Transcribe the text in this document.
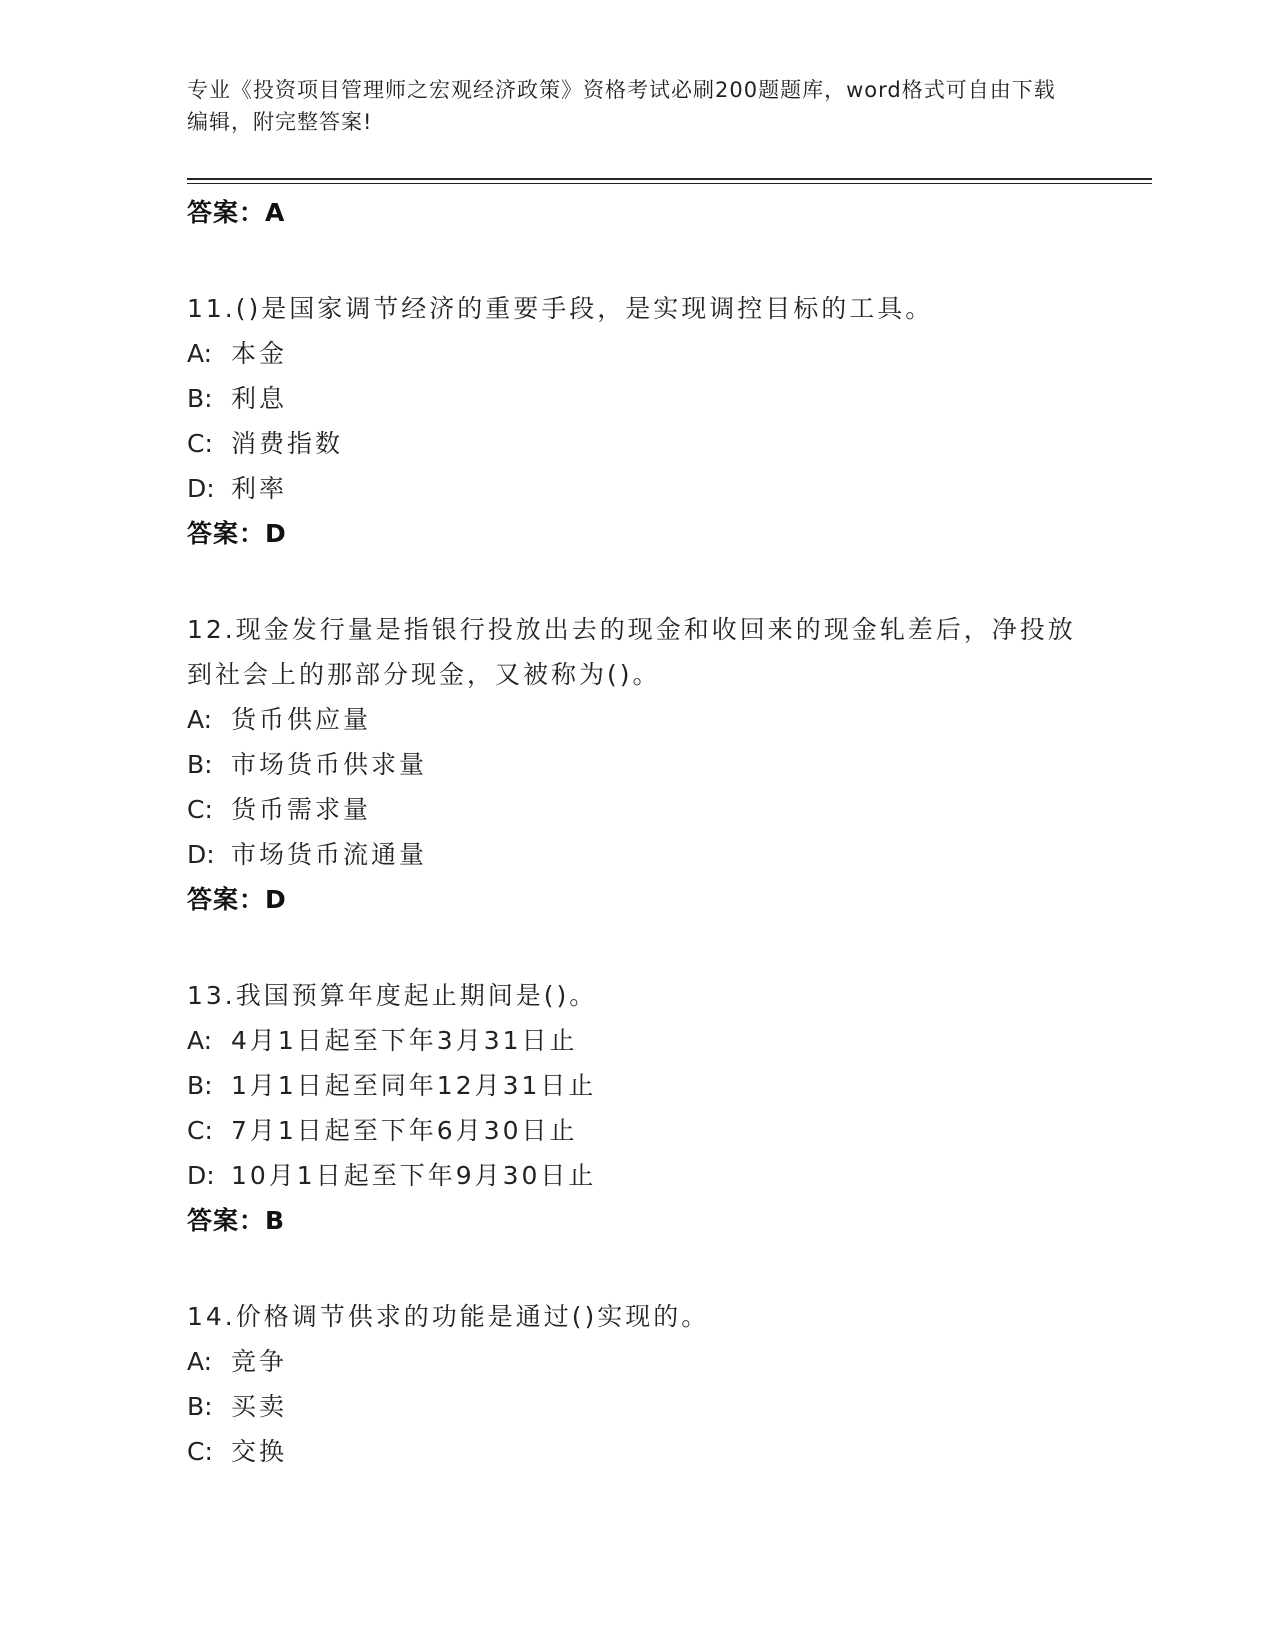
专业《投资项目管理师之宏观经济政策》资格考试必刷200题题库，word格式可自由下载编辑，附完整答案!
答案：A
11.()是国家调节经济的重要手段，是实现调控目标的工具。
A: 本金
B: 利息
C: 消费指数
D: 利率
答案：D
12.现金发行量是指银行投放出去的现金和收回来的现金轧差后，净投放到社会上的那部分现金，又被称为()。
A: 货币供应量
B: 市场货币供求量
C: 货币需求量
D: 市场货币流通量
答案：D
13.我国预算年度起止期间是()。
A: 4月1日起至下年3月31日止
B: 1月1日起至同年12月31日止
C: 7月1日起至下年6月30日止
D: 10月1日起至下年9月30日止
答案：B
14.价格调节供求的功能是通过()实现的。
A: 竞争
B: 买卖
C: 交换
